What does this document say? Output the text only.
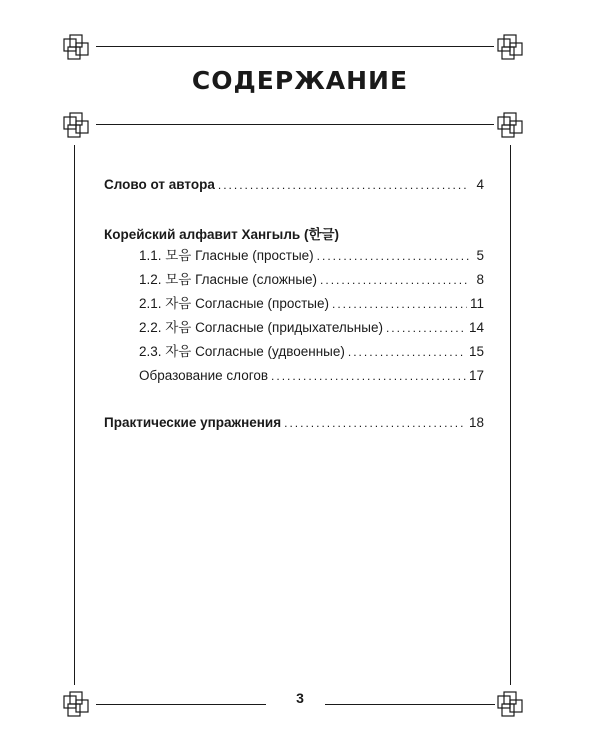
СОДЕРЖАНИЕ
Слово от автора .....	4
Корейский алфавит Хангыль (한글)
1.1. 모음 Гласные (простые) .....	5
1.2. 모음 Гласные (сложные) .....	8
2.1. 자음 Согласные (простые) .....	11
2.2. 자음 Согласные (придыхательные) .....	14
2.3. 자음 Согласные (удвоенные) .....	15
Образование слогов .....	17
Практические упражнения .....	18
3
